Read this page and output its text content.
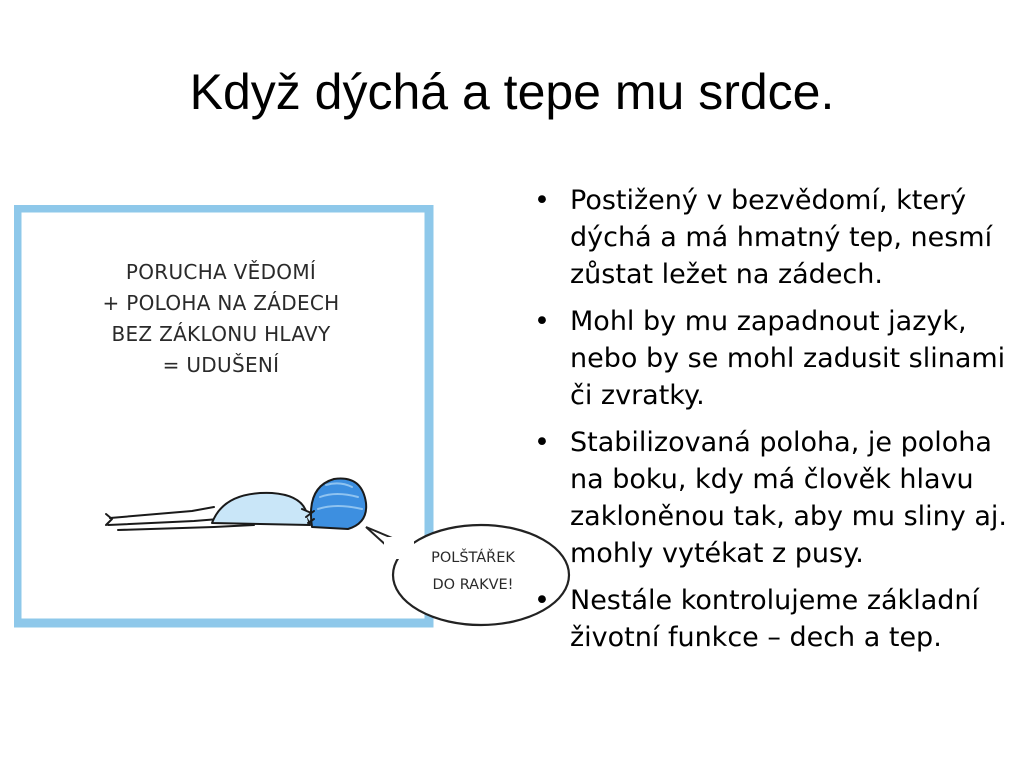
Když dýchá a tepe mu srdce.
PORUCHA VĚDOMÍ
+ POLOHA NA ZÁDECH
BEZ ZÁKLONU HLAVY
= UDUŠENÍ
POLŠTÁŘEK
DO RAKVE!
• Postižený v bezvědomí, který dýchá a má hmatný tep, nesmí zůstat ležet na zádech.
• Mohl by mu zapadnout jazyk, nebo by se mohl zadusit slinami či zvratky.
• Stabilizovaná poloha, je poloha na boku, kdy má člověk hlavu zakloněnou tak, aby mu sliny aj. mohly vytékat z pusy.
• Nestále kontrolujeme základní životní funkce – dech a tep.
